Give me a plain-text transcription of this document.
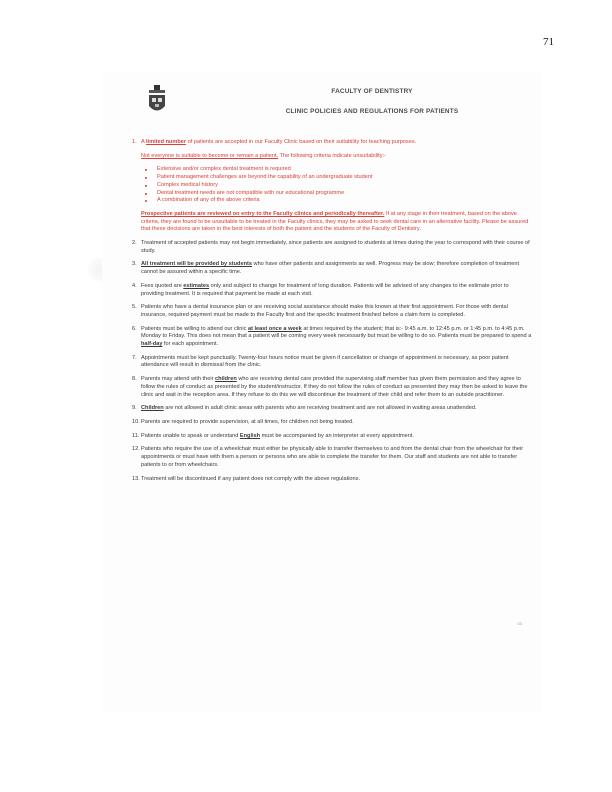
71
FACULTY OF DENTISTRY
CLINIC POLICIES AND REGULATIONS FOR PATIENTS
1. A limited number of patients are accepted in our Faculty Clinic based on their suitability for teaching purposes.
Not everyone is suitable to become or remain a patient. The following criteria indicate unsuitability:-
Extensive and/or complex dental treatment is required
Patient management challenges are beyond the capability of an undergraduate student
Complex medical history
Dental treatment needs are not compatible with our educational programme
A combination of any of the above criteria
Prospective patients are reviewed on entry to the Faculty clinics and periodically thereafter. If at any stage in their treatment, based on the above criteria, they are found to be unsuitable to be treated in the Faculty clinics, they may be asked to seek dental care in an alternative facility. Please be assured that these decisions are taken in the best interests of both the patient and the students of the Faculty of Dentistry.
2. Treatment of accepted patients may not begin immediately, since patients are assigned to students at times during the year to correspond with their course of study.
3. All treatment will be provided by students who have other patients and assignments as well. Progress may be slow; therefore completion of treatment cannot be assured within a specific time.
4. Fees quoted are estimates only and subject to change for treatment of long duration. Patients will be advised of any changes to the estimate prior to providing treatment. It is required that payment be made at each visit.
5. Patients who have a dental insurance plan or are receiving social assistance should make this known at their first appointment. For those with dental insurance, required payment must be made to the Faculty first and the specific treatment finished before a claim form is completed.
6. Patients must be willing to attend our clinic at least once a week at times required by the student; that is:- 9:45 a.m. to 12:45 p.m. or 1:45 p.m. to 4:45 p.m. Monday to Friday. This does not mean that a patient will be coming every week necessarily but must be willing to do so. Patients must be prepared to spend a half-day for each appointment.
7. Appointments must be kept punctually. Twenty-four hours notice must be given if cancellation or change of appointment is necessary, as poor patient attendance will result in dismissal from the clinic.
8. Parents may attend with their children who are receiving dental care provided the supervising staff member has given them permission and they agree to follow the rules of conduct as presented by the student/instructor. If they do not follow the rules of conduct as presented they may then be asked to leave the clinic and wait in the reception area. If they refuse to do this we will discontinue the treatment of their child and refer them to an outside practitioner.
9. Children are not allowed in adult clinic areas with parents who are receiving treatment and are not allowed in waiting areas unattended.
10. Parents are required to provide supervision, at all times, for children not being treated.
11. Patients unable to speak or understand English must be accompanied by an interpreter at every appointment.
12. Patients who require the use of a wheelchair must either be physically able to transfer themselves to and from the dental chair from the wheelchair for their appointments or must have with them a person or persons who are able to complete the transfer for them. Our staff and students are not able to transfer patients to or from wheelchairs.
13. Treatment will be discontinued if any patient does not comply with the above regulations.
03
